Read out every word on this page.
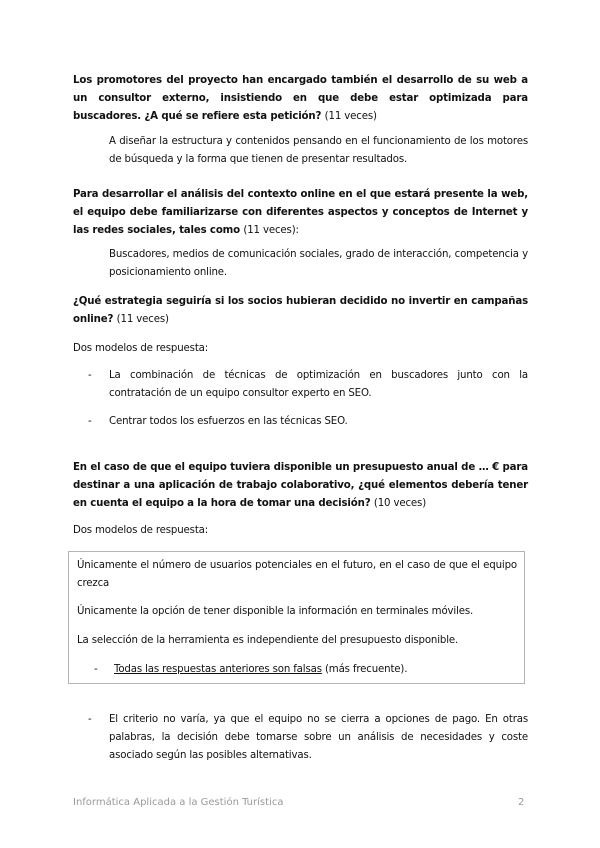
Los promotores del proyecto han encargado también el desarrollo de su web a un consultor externo, insistiendo en que debe estar optimizada para buscadores. ¿A qué se refiere esta petición? (11 veces)
A diseñar la estructura y contenidos pensando en el funcionamiento de los motores de búsqueda y la forma que tienen de presentar resultados.
Para desarrollar el análisis del contexto online en el que estará presente la web, el equipo debe familiarizarse con diferentes aspectos y conceptos de Internet y las redes sociales, tales como (11 veces):
Buscadores, medios de comunicación sociales, grado de interacción, competencia y posicionamiento online.
¿Qué estrategia seguiría si los socios hubieran decidido no invertir en campañas online? (11 veces)
Dos modelos de respuesta:
- La combinación de técnicas de optimización en buscadores junto con la contratación de un equipo consultor experto en SEO.
- Centrar todos los esfuerzos en las técnicas SEO.
En el caso de que el equipo tuviera disponible un presupuesto anual de … € para destinar a una aplicación de trabajo colaborativo, ¿qué elementos debería tener en cuenta el equipo a la hora de tomar una decisión? (10 veces)
Dos modelos de respuesta:
Únicamente el número de usuarios potenciales en el futuro, en el caso de que el equipo crezca
Únicamente la opción de tener disponible la información en terminales móviles.
La selección de la herramienta es independiente del presupuesto disponible.
- Todas las respuestas anteriores son falsas (más frecuente).
- El criterio no varía, ya que el equipo no se cierra a opciones de pago. En otras palabras, la decisión debe tomarse sobre un análisis de necesidades y coste asociado según las posibles alternativas.
Informática Aplicada a la Gestión Turística	2
